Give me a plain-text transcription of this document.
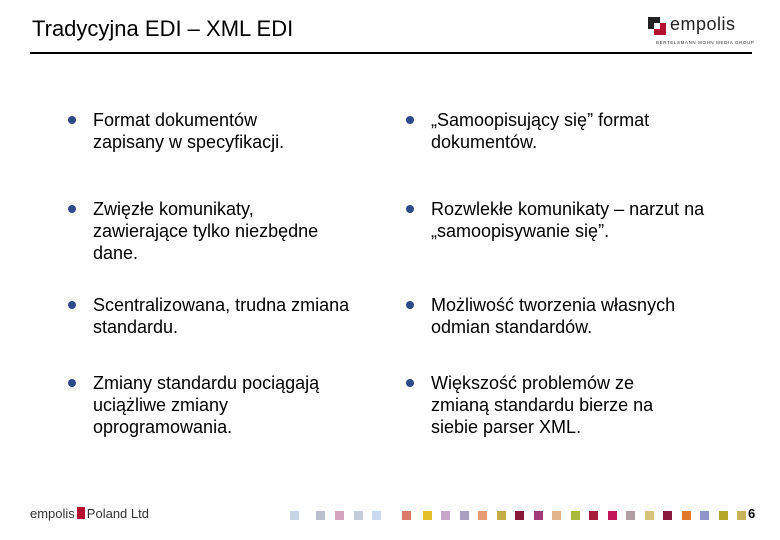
Tradycyjna EDI – XML EDI	empolis
BERTELSMANN MOHN MEDIA GROUP
Format dokumentów
zapisany w specyfikacji.
Zwięzłe komunikaty,
zawierające tylko niezbędne
dane.
Scentralizowana, trudna zmiana
standardu.
Zmiany standardu pociągają
uciążliwe zmiany
oprogramowania.
„Samoopisujący się” format
dokumentów.
Rozwlekłe komunikaty – narzut na
„samoopisywanie się”.
Możliwość tworzenia własnych
odmian standardów.
Większość problemów ze
zmianą standardu bierze na
siebie parser XML.
empolis Poland Ltd	6
